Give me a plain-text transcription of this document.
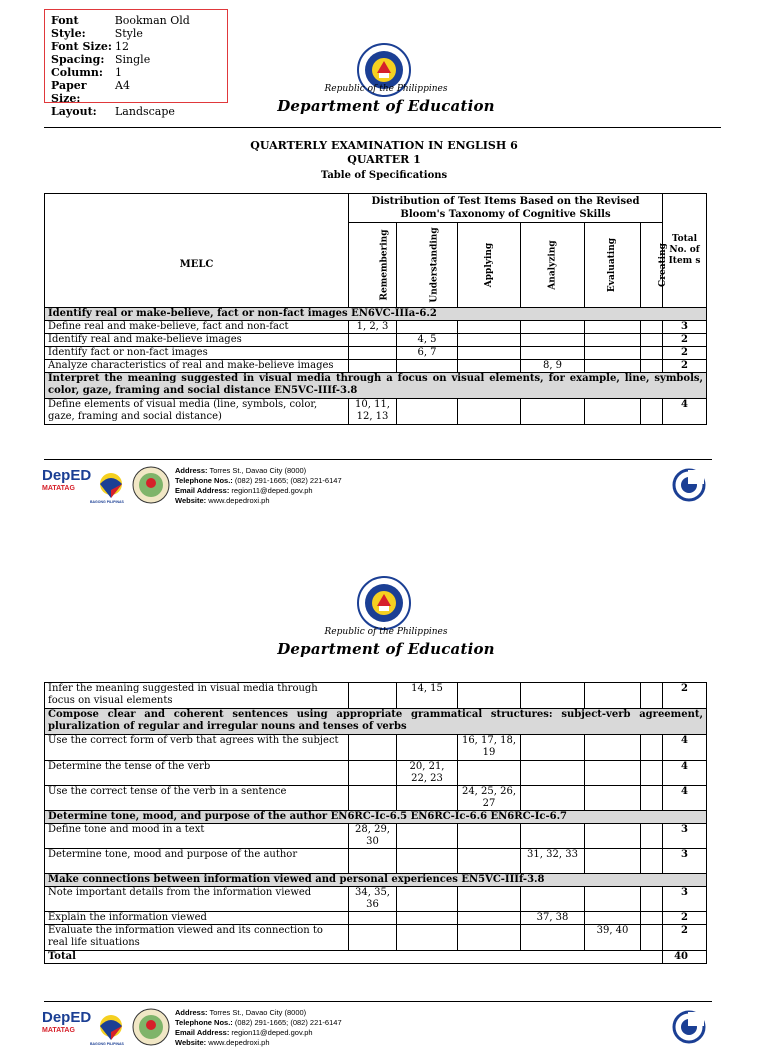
Font Style:
Bookman Old Style
Font Size: 12
Spacing: Single
Column:	1
Paper Size:
A4
Layout:	Landscape
Republic of the Philippines
Department of Education
QUARTERLY EXAMINATION IN ENGLISH 6
QUARTER 1
Table of Specifications
	Distribution of Test Items Based on the Revised Bloom's Taxonomy of Cognitive Skills						Total No. of Item s
MELC	Remembering	Understanding	Applying	Analyzing	Evaluating	Creating	
Identify real or make-believe, fact or non-fact images EN6VC-IIIa-6.2							
Define real and make-believe, fact and non-fact	1, 2, 3						3
Identify real and make-believe images		4, 5					2
Identify fact or non-fact images		6, 7					2
Analyze characteristics of real and make-believe images				8, 9			2
Interpret the meaning suggested in visual media through a focus on visual elements, for example, line, symbols, color, gaze, framing and social distance EN5VC-IIIf-3.8							
Define elements of visual media (line, symbols, color, gaze, framing and social distance)	10, 11, 12, 13						4
DepED
MATATAG
BAGONG PILIPINAS
Address: Torres St., Davao City (8000)
Telephone Nos.: (082) 291-1665; (082) 221-6147
Email Address: region11@deped.gov.ph
Website: www.depedroxi.ph
Republic of the Philippines
Department of Education
Infer the meaning suggested in visual media through focus on visual elements		14, 15					2
Compose clear and coherent sentences using appropriate grammatical structures: subject-verb agreement, pluralization of regular and irregular nouns and tenses of verbs							
Use the correct form of verb that agrees with the subject			16, 17, 18, 19				4
Determine the tense of the verb		20, 21, 22, 23					4
Use the correct tense of the verb in a sentence			24, 25, 26, 27				4
Determine tone, mood, and purpose of the author EN6RC-Ic-6.5 EN6RC-Ic-6.6 EN6RC-Ic-6.7							
Define tone and mood in a text	28, 29, 30						3
Determine tone, mood and purpose of the author				31, 32, 33			3
Make connections between information viewed and personal experiences EN5VC-IIIf-3.8							
Note important details from the information viewed	34, 35, 36						3
Explain the information viewed				37, 38			2
Evaluate the information viewed and its connection to real life situations					39, 40		2
Total							40
DepED
MATATAG
BAGONG PILIPINAS
Address: Torres St., Davao City (8000)
Telephone Nos.: (082) 291-1665; (082) 221-6147
Email Address: region11@deped.gov.ph
Website: www.depedroxi.ph
